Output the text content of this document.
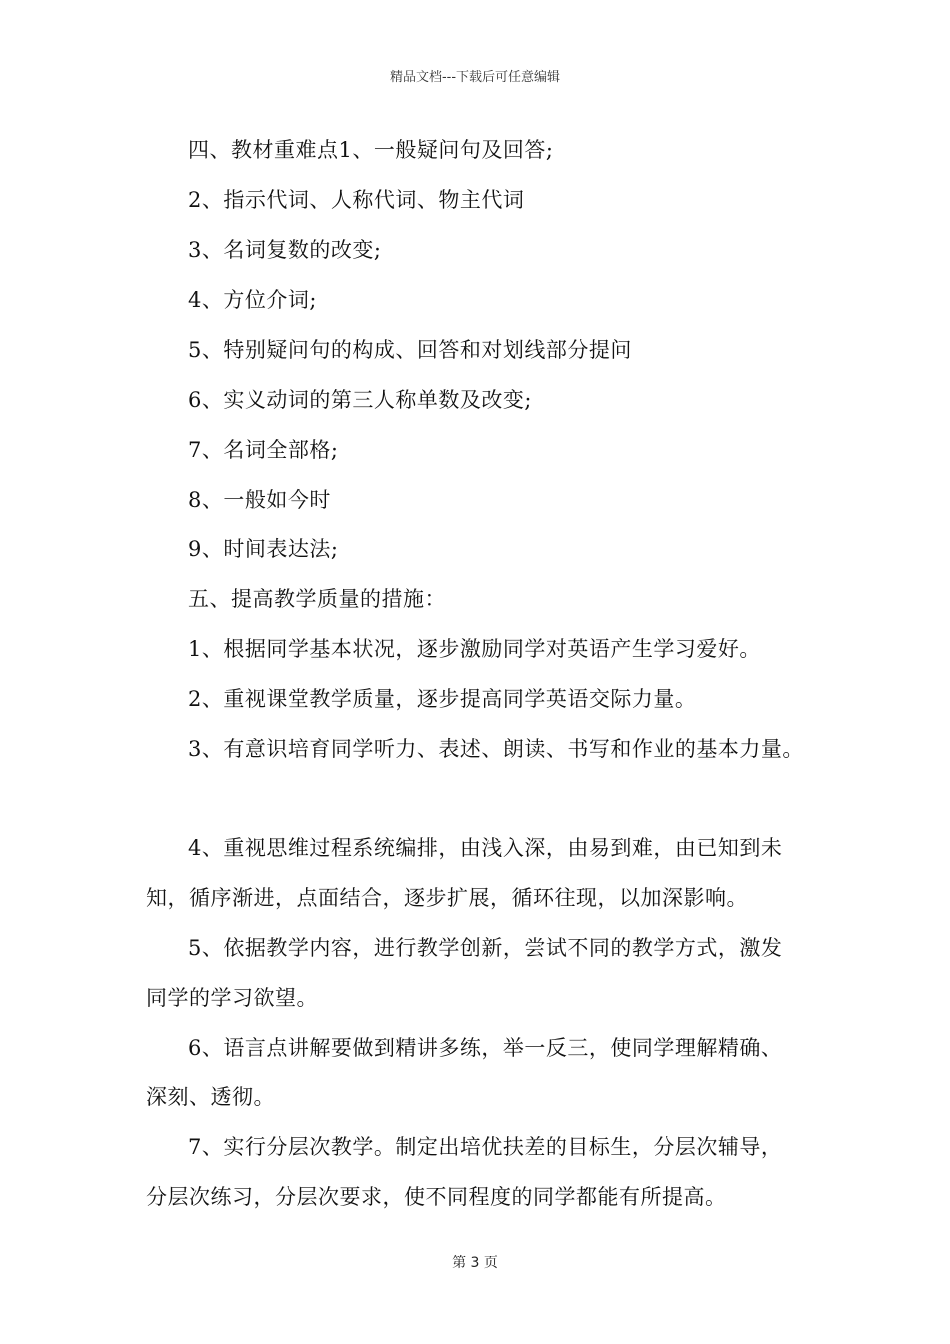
精品文档---下载后可任意编辑
四、教材重难点1、一般疑问句及回答;
2、指示代词、人称代词、物主代词
3、名词复数的改变;
4、方位介词;
5、特别疑问句的构成、回答和对划线部分提问
6、实义动词的第三人称单数及改变;
7、名词全部格;
8、一般如今时
9、时间表达法;
五、提高教学质量的措施：
1、根据同学基本状况，逐步激励同学对英语产生学习爱好。
2、重视课堂教学质量，逐步提高同学英语交际力量。
3、有意识培育同学听力、表述、朗读、书写和作业的基本力量。
4、重视思维过程系统编排，由浅入深，由易到难，由已知到未
知，循序渐进，点面结合，逐步扩展，循环往现，以加深影响。
5、依据教学内容，进行教学创新，尝试不同的教学方式，激发
同学的学习欲望。
6、语言点讲解要做到精讲多练，举一反三，使同学理解精确、
深刻、透彻。
7、实行分层次教学。制定出培优扶差的目标生，分层次辅导，
分层次练习，分层次要求，使不同程度的同学都能有所提高。
第 3 页
